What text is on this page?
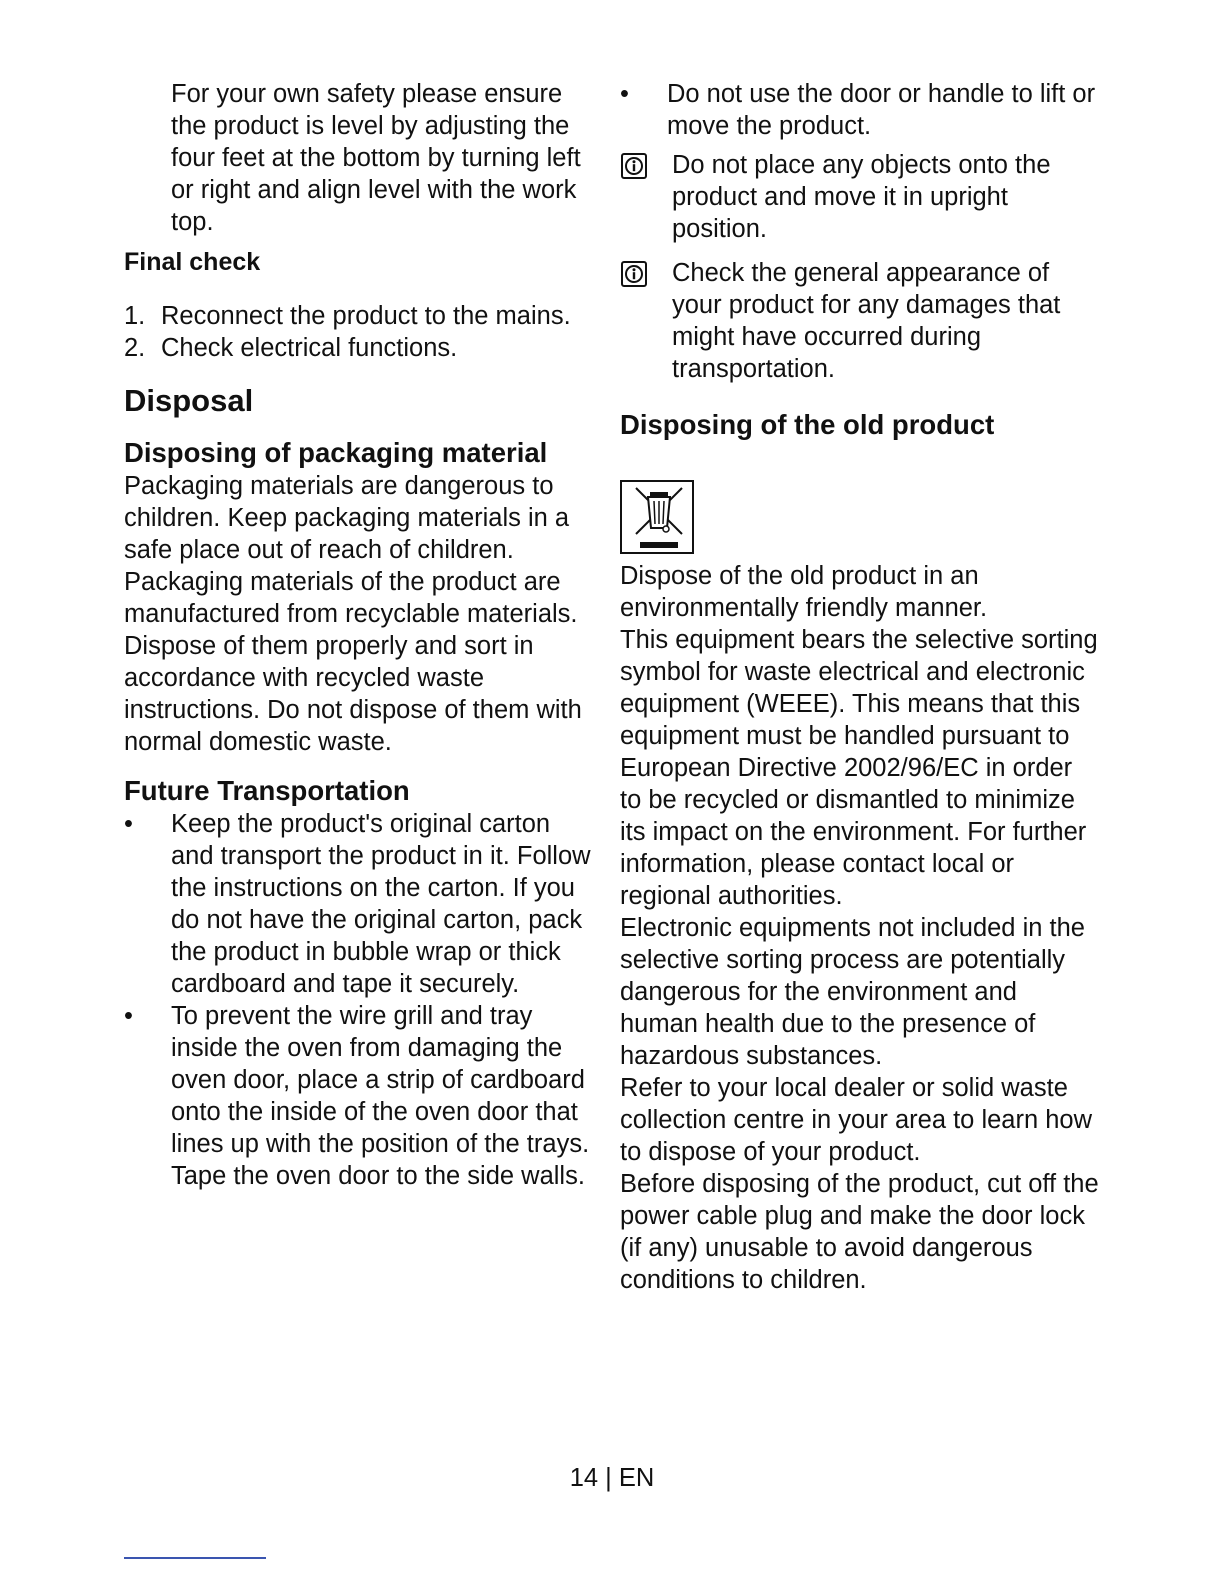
For your own safety please ensure the product is level by adjusting the four feet at the bottom by turning left or right and align level with the work top.

Final check
1. Reconnect the product to the mains.
2. Check electrical functions.
Disposal
Disposing of packaging material

Packaging materials are dangerous to children. Keep packaging materials in a safe place out of reach of children. Packaging materials of the product are manufactured from recyclable materials. Dispose of them properly and sort in accordance with recycled waste instructions. Do not dispose of them with normal domestic waste.

Future Transportation
• Keep the product's original carton and transport the product in it. Follow the instructions on the carton. If you do not have the original carton, pack the product in bubble wrap or thick cardboard and tape it securely.
• To prevent the wire grill and tray inside the oven from damaging the oven door, place a strip of cardboard onto the inside of the oven door that lines up with the position of the trays. Tape the oven door to the side walls.
• Do not use the door or handle to lift or move the product.
Do not place any objects onto the product and move it in upright position.
Check the general appearance of your product for any damages that might have occurred during transportation.
Disposing of the old product

Dispose of the old product in an environmentally friendly manner.

This equipment bears the selective sorting symbol for waste electrical and electronic equipment (WEEE). This means that this equipment must be handled pursuant to European Directive 2002/96/EC in order to be recycled or dismantled to minimize its impact on the environment. For further information, please contact local or regional authorities.

Electronic equipments not included in the selective sorting process are potentially dangerous for the environment and human health due to the presence of hazardous substances.

Refer to your local dealer or solid waste collection centre in your area to learn how to dispose of your product.

Before disposing of the product, cut off the power cable plug and make the door lock (if any) unusable to avoid dangerous conditions to children.

14 | EN
